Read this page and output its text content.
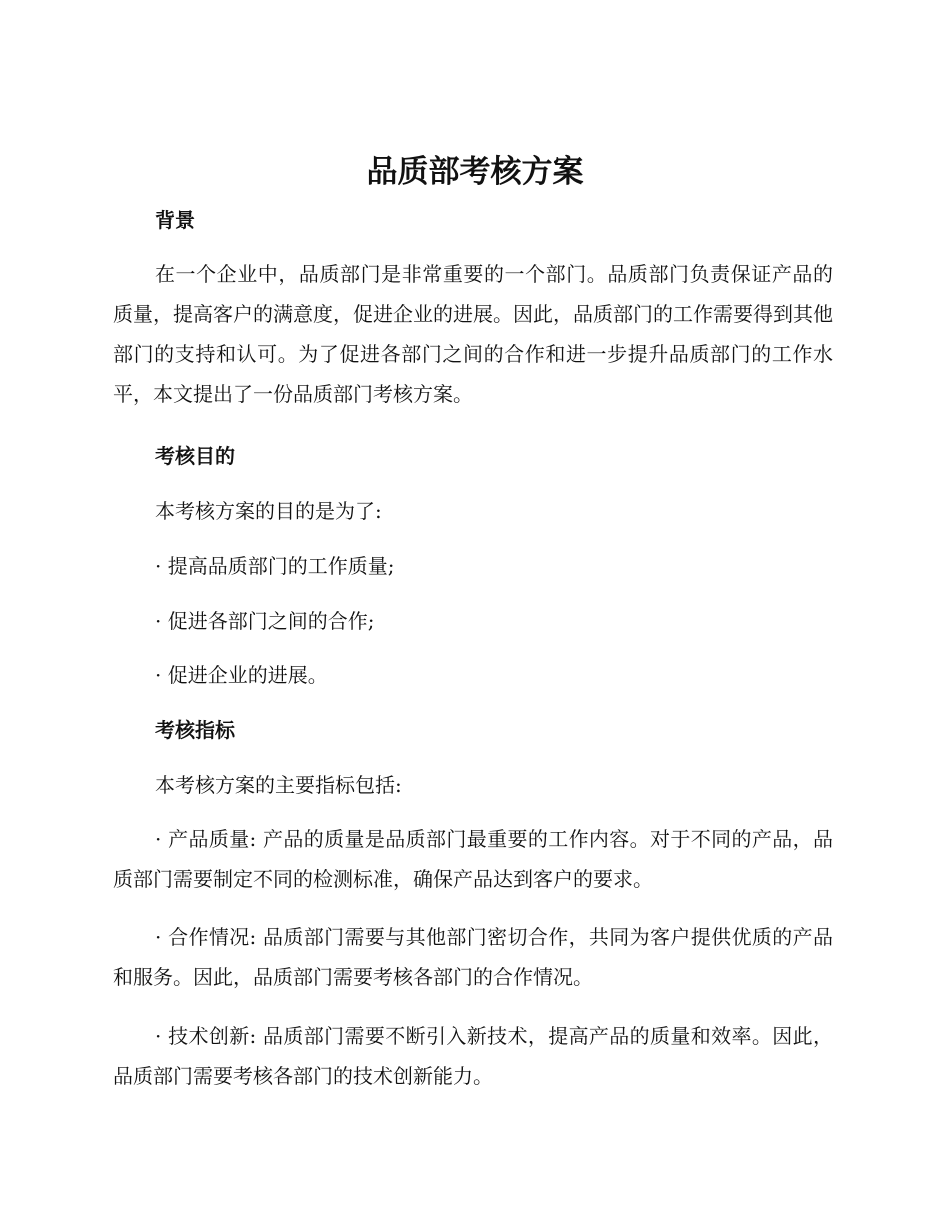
品质部考核方案
背景

在一个企业中，品质部门是非常重要的一个部门。品质部门负责保证产品的质量，提高客户的满意度，促进企业的进展。因此，品质部门的工作需要得到其他部门的支持和认可。为了促进各部门之间的合作和进一步提升品质部门的工作水平，本文提出了一份品质部门考核方案。

考核目的

本考核方案的目的是为了:

· 提高品质部门的工作质量;

· 促进各部门之间的合作;

· 促进企业的进展。

考核指标

本考核方案的主要指标包括:

· 产品质量: 产品的质量是品质部门最重要的工作内容。对于不同的产品，品质部门需要制定不同的检测标准，确保产品达到客户的要求。

· 合作情况: 品质部门需要与其他部门密切合作，共同为客户提供优质的产品和服务。因此，品质部门需要考核各部门的合作情况。

· 技术创新: 品质部门需要不断引入新技术，提高产品的质量和效率。因此，品质部门需要考核各部门的技术创新能力。
